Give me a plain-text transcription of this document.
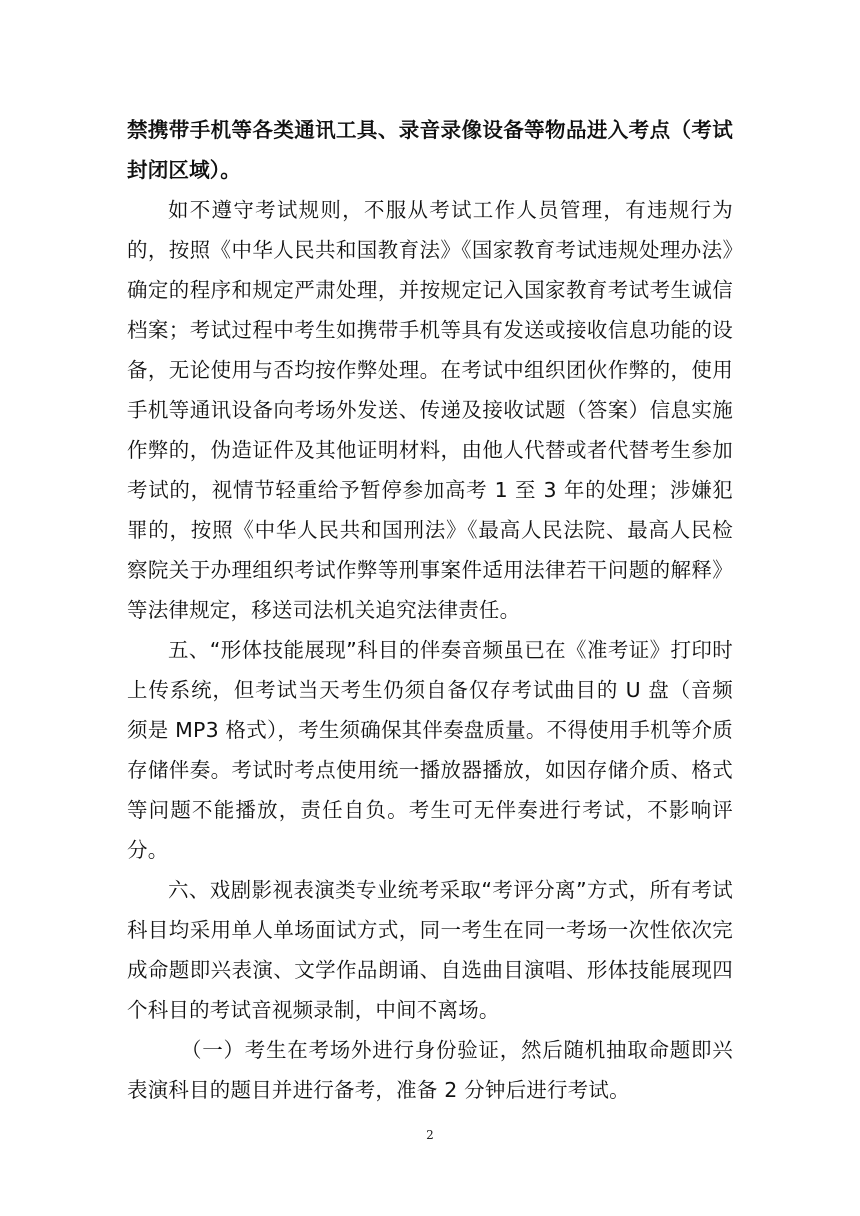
禁携带手机等各类通讯工具、录音录像设备等物品进入考点（考试封闭区域）。

如不遵守考试规则，不服从考试工作人员管理，有违规行为的，按照《中华人民共和国教育法》《国家教育考试违规处理办法》确定的程序和规定严肃处理，并按规定记入国家教育考试考生诚信档案；考试过程中考生如携带手机等具有发送或接收信息功能的设备，无论使用与否均按作弊处理。在考试中组织团伙作弊的，使用手机等通讯设备向考场外发送、传递及接收试题（答案）信息实施作弊的，伪造证件及其他证明材料，由他人代替或者代替考生参加考试的，视情节轻重给予暂停参加高考 1 至 3 年的处理；涉嫌犯罪的，按照《中华人民共和国刑法》《最高人民法院、最高人民检察院关于办理组织考试作弊等刑事案件适用法律若干问题的解释》等法律规定，移送司法机关追究法律责任。

五、“形体技能展现”科目的伴奏音频虽已在《准考证》打印时上传系统，但考试当天考生仍须自备仅存考试曲目的 U 盘（音频须是 MP3 格式），考生须确保其伴奏盘质量。不得使用手机等介质存储伴奏。考试时考点使用统一播放器播放，如因存储介质、格式等问题不能播放，责任自负。考生可无伴奏进行考试，不影响评分。

六、戏剧影视表演类专业统考采取“考评分离”方式，所有考试科目均采用单人单场面试方式，同一考生在同一考场一次性依次完成命题即兴表演、文学作品朗诵、自选曲目演唱、形体技能展现四个科目的考试音视频录制，中间不离场。

（一）考生在考场外进行身份验证，然后随机抽取命题即兴表演科目的题目并进行备考，准备 2 分钟后进行考试。

2
